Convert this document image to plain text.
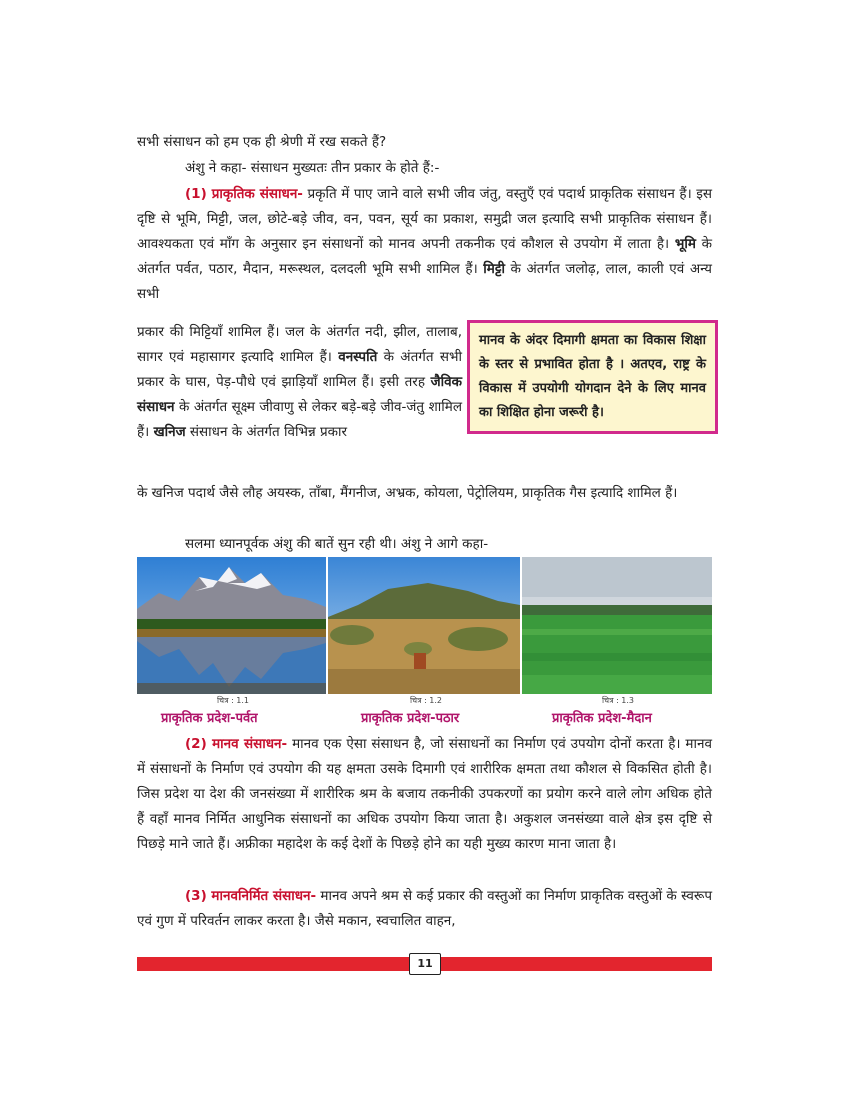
सभी संसाधन को हम एक ही श्रेणी में रख सकते हैं?
अंशु ने कहा- संसाधन मुख्यतः तीन प्रकार के होते हैं:-
(1) प्राकृतिक संसाधन- प्रकृति में पाए जाने वाले सभी जीव जंतु, वस्तुएँ एवं पदार्थ प्राकृतिक संसाधन हैं। इस दृष्टि से भूमि, मिट्टी, जल, छोटे-बड़े जीव, वन, पवन, सूर्य का प्रकाश, समुद्री जल इत्यादि सभी प्राकृतिक संसाधन हैं। आवश्यकता एवं माँग के अनुसार इन संसाधनों को मानव अपनी तकनीक एवं कौशल से उपयोग में लाता है। भूमि के अंतर्गत पर्वत, पठार, मैदान, मरूस्थल, दलदली भूमि सभी शामिल हैं। मिट्टी के अंतर्गत जलोढ़, लाल, काली एवं अन्य सभी
प्रकार की मिट्टियाँ शामिल हैं। जल के अंतर्गत नदी, झील, तालाब, सागर एवं महासागर इत्यादि शामिल हैं। वनस्पति के अंतर्गत सभी प्रकार के घास, पेड़-पौधे एवं झाड़ियाँ शामिल हैं। इसी तरह जैविक संसाधन के अंतर्गत सूक्ष्म जीवाणु से लेकर बड़े-बड़े जीव-जंतु शामिल हैं। खनिज संसाधन के अंतर्गत विभिन्न प्रकार
मानव के अंदर दिमागी क्षमता का विकास शिक्षा के स्तर से प्रभावित होता है । अतएव, राष्ट्र के विकास में उपयोगी योगदान देने के लिए मानव का शिक्षित होना जरूरी है।
के खनिज पदार्थ जैसे लौह अयस्क, ताँबा, मैंगनीज, अभ्रक, कोयला, पेट्रोलियम, प्राकृतिक गैस इत्यादि शामिल हैं।
सलमा ध्यानपूर्वक अंशु की बातें सुन रही थी। अंशु ने आगे कहा-
चित्र : 1.1	चित्र : 1.2	चित्र : 1.3
प्राकृतिक प्रदेश-पर्वत	प्राकृतिक प्रदेश-पठार	प्राकृतिक प्रदेश-मैदान
(2) मानव संसाधन- मानव एक ऐसा संसाधन है, जो संसाधनों का निर्माण एवं उपयोग दोनों करता है। मानव में संसाधनों के निर्माण एवं उपयोग की यह क्षमता उसके दिमागी एवं शारीरिक क्षमता तथा कौशल से विकसित होती है। जिस प्रदेश या देश की जनसंख्या में शारीरिक श्रम के बजाय तकनीकी उपकरणों का प्रयोग करने वाले लोग अधिक होते हैं वहाँ मानव निर्मित आधुनिक संसाधनों का अधिक उपयोग किया जाता है। अकुशल जनसंख्या वाले क्षेत्र इस दृष्टि से पिछड़े माने जाते हैं। अफ्रीका महादेश के कई देशों के पिछड़े होने का यही मुख्य कारण माना जाता है।
(3) मानवनिर्मित संसाधन- मानव अपने श्रम से कई प्रकार की वस्तुओं का निर्माण प्राकृतिक वस्तुओं के स्वरूप एवं गुण में परिवर्तन लाकर करता है। जैसे मकान, स्वचालित वाहन,
11
